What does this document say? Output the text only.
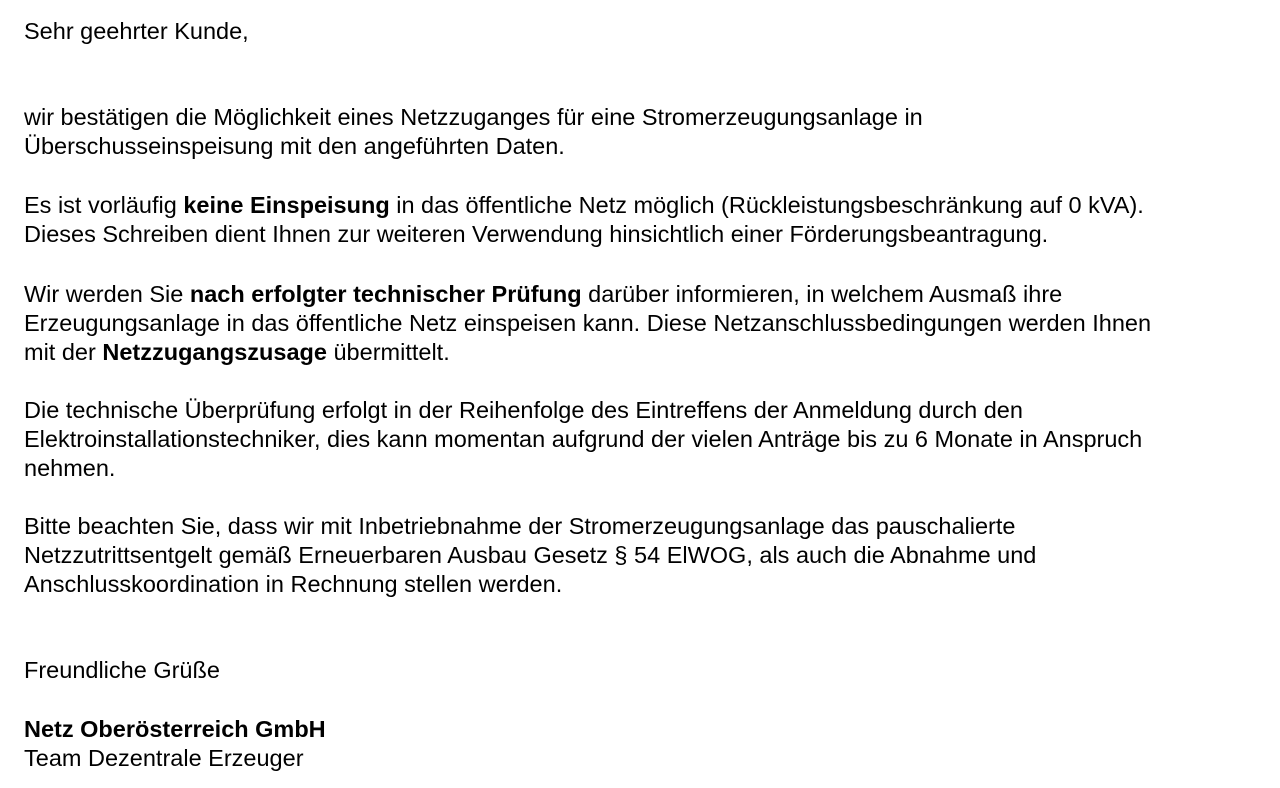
Sehr geehrter Kunde,

wir bestätigen die Möglichkeit eines Netzzuganges für eine Stromerzeugungsanlage in
Überschusseinspeisung mit den angeführten Daten.

Es ist vorläufig keine Einspeisung in das öffentliche Netz möglich (Rückleistungsbeschränkung auf 0 kVA).
Dieses Schreiben dient Ihnen zur weiteren Verwendung hinsichtlich einer Förderungsbeantragung.

Wir werden Sie nach erfolgter technischer Prüfung darüber informieren, in welchem Ausmaß ihre
Erzeugungsanlage in das öffentliche Netz einspeisen kann. Diese Netzanschlussbedingungen werden Ihnen
mit der Netzzugangszusage übermittelt.

Die technische Überprüfung erfolgt in der Reihenfolge des Eintreffens der Anmeldung durch den
Elektroinstallationstechniker, dies kann momentan aufgrund der vielen Anträge bis zu 6 Monate in Anspruch
nehmen.

Bitte beachten Sie, dass wir mit Inbetriebnahme der Stromerzeugungsanlage das pauschalierte
Netzzutrittsentgelt gemäß Erneuerbaren Ausbau Gesetz § 54 ElWOG, als auch die Abnahme und
Anschlusskoordination in Rechnung stellen werden.

Freundliche Grüße

Netz Oberösterreich GmbH

Team Dezentrale Erzeuger
